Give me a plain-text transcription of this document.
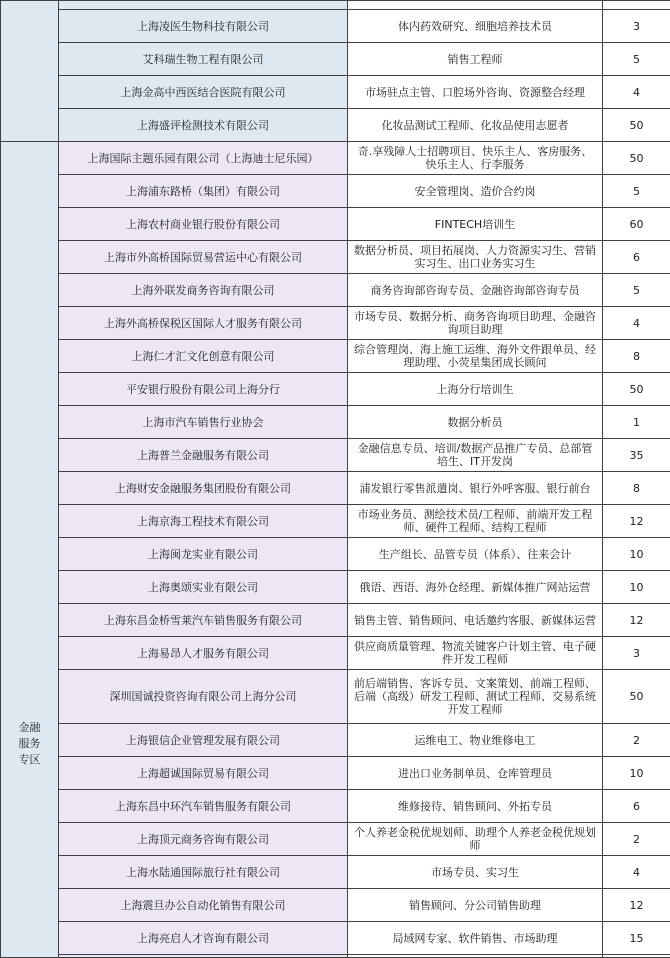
	上海凌医生物科技有限公司	体内药效研究、细胞培养技术员	3
	艾科瑞生物工程有限公司	销售工程师	5
	上海金高中西医结合医院有限公司	市场驻点主管、口腔场外咨询、资源整合经理	4
	上海盛评检测技术有限公司	化妆品测试工程师、化妆品使用志愿者	50
金融服务专区	上海国际主题乐园有限公司（上海迪士尼乐园）	奇.享残障人士招聘项目、快乐主人、客房服务、快乐主人、行李服务	50
	上海浦东路桥（集团）有限公司	安全管理岗、造价合约岗	5
	上海农村商业银行股份有限公司	FINTECH培训生	60
	上海市外高桥国际贸易营运中心有限公司	数据分析员、项目拓展岗、人力资源实习生、营销实习生、出口业务实习生	6
	上海外联发商务咨询有限公司	商务咨询部咨询专员、金融咨询部咨询专员	5
	上海外高桥保税区国际人才服务有限公司	市场专员、数据分析、商务咨询项目助理、金融咨询项目助理	4
	上海仁才汇文化创意有限公司	综合管理岗、海上施工运维、海外文件跟单员、经理助理、小荧星集团成长顾问	8
	平安银行股份有限公司上海分行	上海分行培训生	50
	上海市汽车销售行业协会	数据分析员	1
	上海普兰金融服务有限公司	金融信息专员、培训/数据产品推广专员、总部管培生、IT开发岗	35
	上海财安金融服务集团股份有限公司	浦发银行零售派遣岗、银行外呼客服、银行前台	8
	上海京海工程技术有限公司	市场业务员、测绘技术员/工程师、前端开发工程师、硬件工程师、结构工程师	12
	上海闽龙实业有限公司	生产组长、品管专员（体系）、往来会计	10
	上海奥颂实业有限公司	俄语、西语、海外仓经理、新媒体推广网站运营	10
	上海东昌金桥雪莱汽车销售服务有限公司	销售主管、销售顾问、电话邀约客服、新媒体运营	12
	上海易昂人才服务有限公司	供应商质量管理、物流关键客户计划主管、电子硬件开发工程师	3
	深圳国诚投资咨询有限公司上海分公司	前后端销售、客诉专员、文案策划、前端工程师、后端（高级）研发工程师、测试工程师、交易系统开发工程师	50
	上海银信企业管理发展有限公司	运维电工、物业维修电工	2
	上海超诚国际贸易有限公司	进出口业务制单员、仓库管理员	10
	上海东昌中环汽车销售服务有限公司	维修接待、销售顾问、外拓专员	6
	上海顶元商务咨询有限公司	个人养老金税优规划师、助理个人养老金税优规划师	2
	上海水陆通国际旅行社有限公司	市场专员、实习生	4
	上海震旦办公自动化销售有限公司	销售顾问、分公司销售助理	12
	上海亮启人才咨询有限公司	局域网专家、软件销售、市场助理	15
